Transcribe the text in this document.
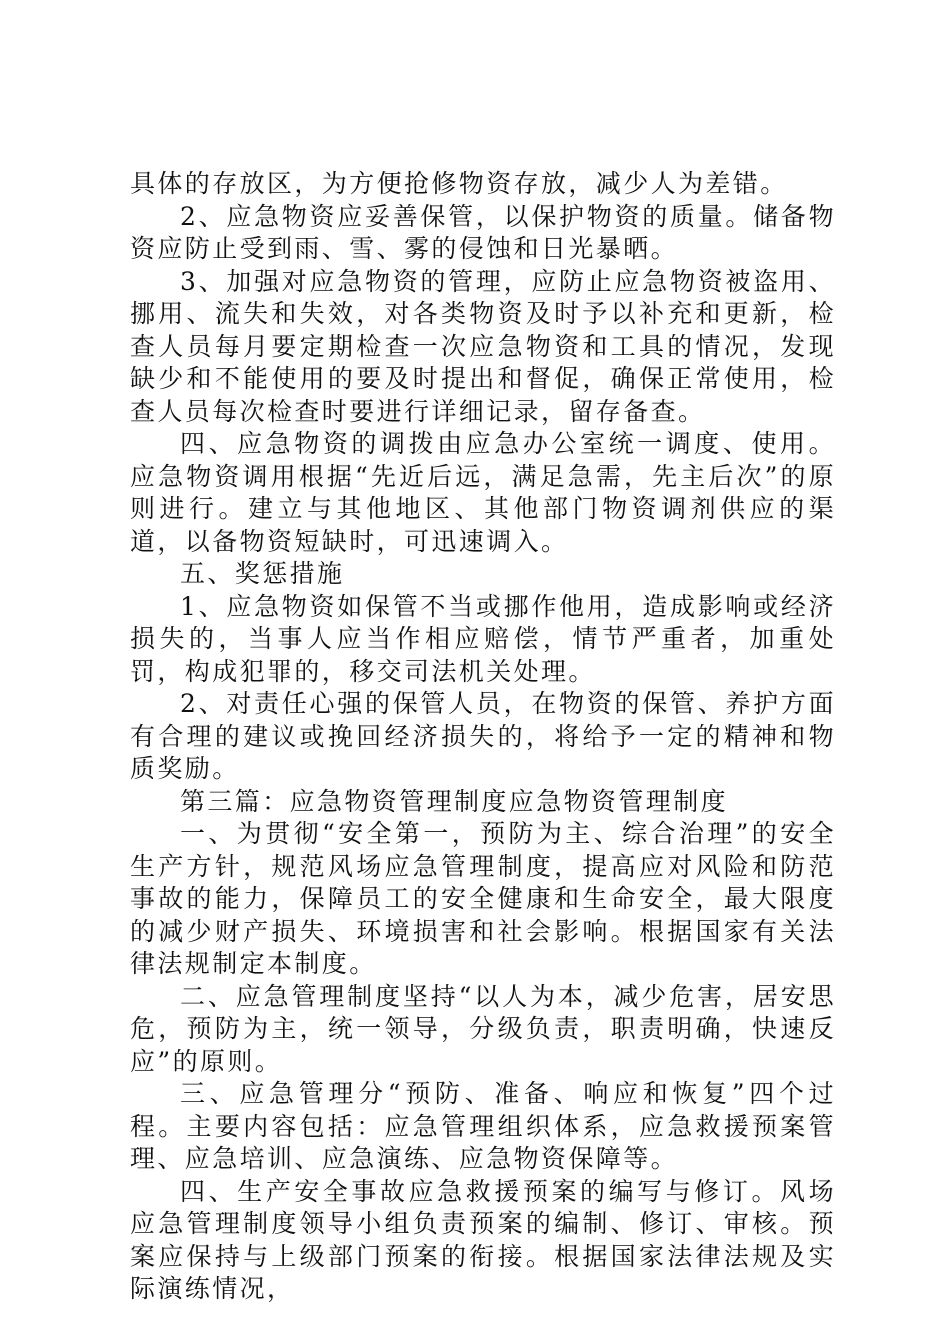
具体的存放区，为方便抢修物资存放，减少人为差错。

2、应急物资应妥善保管，以保护物资的质量。储备物资应防止受到雨、雪、雾的侵蚀和日光暴晒。

3、加强对应急物资的管理，应防止应急物资被盗用、挪用、流失和失效，对各类物资及时予以补充和更新，检查人员每月要定期检查一次应急物资和工具的情况，发现缺少和不能使用的要及时提出和督促，确保正常使用，检查人员每次检查时要进行详细记录，留存备查。

四、应急物资的调拨由应急办公室统一调度、使用。应急物资调用根据“先近后远，满足急需，先主后次”的原则进行。建立与其他地区、其他部门物资调剂供应的渠道，以备物资短缺时，可迅速调入。

五、奖惩措施

1、应急物资如保管不当或挪作他用，造成影响或经济损失的，当事人应当作相应赔偿，情节严重者，加重处罚，构成犯罪的，移交司法机关处理。

2、对责任心强的保管人员，在物资的保管、养护方面有合理的建议或挽回经济损失的，将给予一定的精神和物质奖励。

第三篇：应急物资管理制度应急物资管理制度

一、为贯彻“安全第一，预防为主、综合治理”的安全生产方针，规范风场应急管理制度，提高应对风险和防范事故的能力，保障员工的安全健康和生命安全，最大限度的减少财产损失、环境损害和社会影响。根据国家有关法律法规制定本制度。

二、应急管理制度坚持“以人为本，减少危害，居安思危，预防为主，统一领导，分级负责，职责明确，快速反应”的原则。

三、应急管理分“预防、准备、响应和恢复”四个过程。主要内容包括：应急管理组织体系，应急救援预案管理、应急培训、应急演练、应急物资保障等。

四、生产安全事故应急救援预案的编写与修订。风场应急管理制度领导小组负责预案的编制、修订、审核。预案应保持与上级部门预案的衔接。根据国家法律法规及实际演练情况，
